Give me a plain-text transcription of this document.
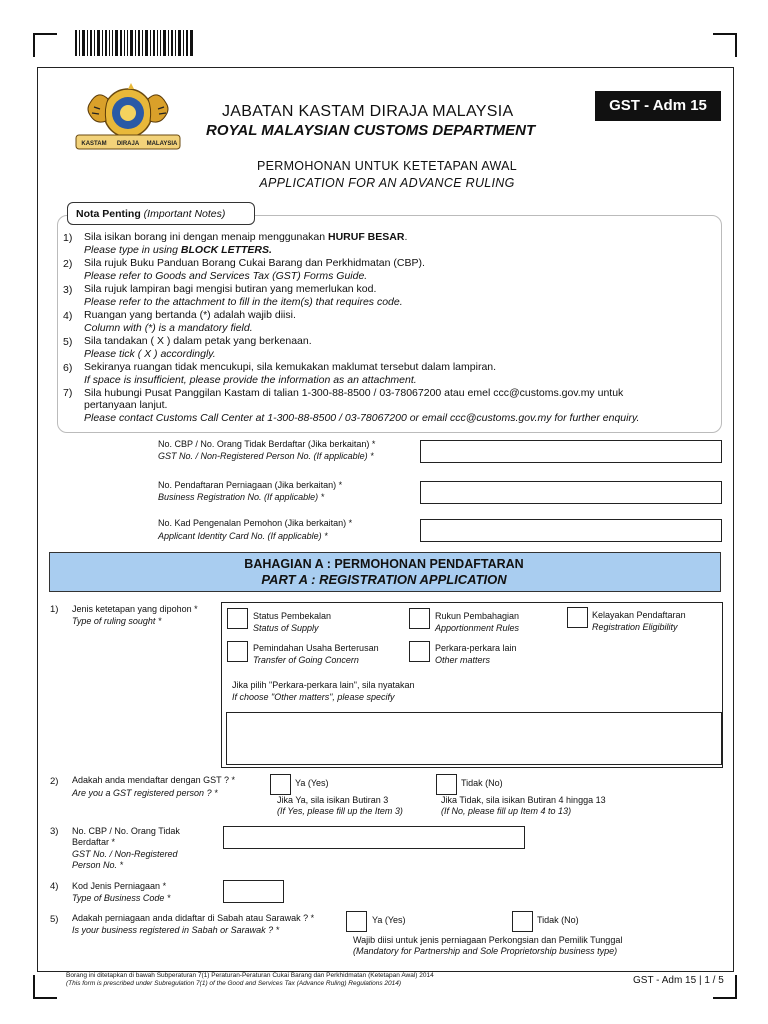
KASTAM DIRAJA MALAYSIA
JABATAN KASTAM DIRAJA MALAYSIA
ROYAL MALAYSIAN CUSTOMS DEPARTMENT
GST - Adm 15
PERMOHONAN UNTUK KETETAPAN AWAL
APPLICATION FOR AN ADVANCE RULING
Nota Penting (Important Notes)
1) Sila isikan borang ini dengan menaip menggunakan HURUF BESAR.
Please type in using BLOCK LETTERS.
2) Sila rujuk Buku Panduan Borang Cukai Barang dan Perkhidmatan (CBP).
Please refer to Goods and Services Tax (GST) Forms Guide.
3) Sila rujuk lampiran bagi mengisi butiran yang memerlukan kod.
Please refer to the attachment to fill in the item(s) that requires code.
4) Ruangan yang bertanda (*) adalah wajib diisi.
Column with (*) is a mandatory field.
5) Sila tandakan ( X ) dalam petak yang berkenaan.
Please tick ( X ) accordingly.
6) Sekiranya ruangan tidak mencukupi, sila kemukakan maklumat tersebut dalam lampiran.
If space is insufficient, please provide the information as an attachment.
7) Sila hubungi Pusat Panggilan Kastam di talian 1-300-88-8500 / 03-78067200 atau emel ccc@customs.gov.my untuk
pertanyaan lanjut.
Please contact Customs Call Center at 1-300-88-8500 / 03-78067200 or email ccc@customs.gov.my for further enquiry.
No. CBP / No. Orang Tidak Berdaftar (Jika berkaitan) *
GST No. / Non-Registered Person No. (If applicable) *
No. Pendaftaran Perniagaan (Jika berkaitan) *
Business Registration No. (If applicable) *
No. Kad Pengenalan Pemohon (Jika berkaitan) *
Applicant Identity Card No. (If applicable) *
BAHAGIAN A : PERMOHONAN PENDAFTARAN
PART A : REGISTRATION APPLICATION
1) Jenis ketetapan yang dipohon *
Type of ruling sought *	Status Pembekalan
Status of Supply
Rukun Pembahagian
Apportionment Rules
Kelayakan Pendaftaran
Registration Eligibility
Pemindahan Usaha Berterusan
Transfer of Going Concern
Perkara-perkara lain
Other matters
Jika pilih "Perkara-perkara lain", sila nyatakan
If choose "Other matters", please specify
2) Adakah anda mendaftar dengan GST ? *
Are you a GST registered person ? *
Ya (Yes)
Jika Ya, sila isikan Butiran 3
(If Yes, please fill up the Item 3)
Tidak (No)
Jika Tidak, sila isikan Butiran 4 hingga 13
(If No, please fill up Item 4 to 13)
3) No. CBP / No. Orang Tidak
Berdaftar *
GST No. / Non-Registered
Person No. *
4) Kod Jenis Perniagaan *
Type of Business Code *
5) Adakah perniagaan anda didaftar di Sabah atau Sarawak ? *
Is your business registered in Sabah or Sarawak ? *
Ya (Yes)	Tidak (No)
Wajib diisi untuk jenis perniagaan Perkongsian dan Pemilik Tunggal
(Mandatory for Partnership and Sole Proprietorship business type)
Borang ini ditetapkan di bawah Subperaturan 7(1) Peraturan-Peraturan Cukai Barang dan Perkhidmatan (Ketetapan Awal) 2014
(This form is prescribed under Subregulation 7(1) of the Good and Services Tax (Advance Ruling) Regulations 2014)	GST - Adm 15 | 1 / 5
